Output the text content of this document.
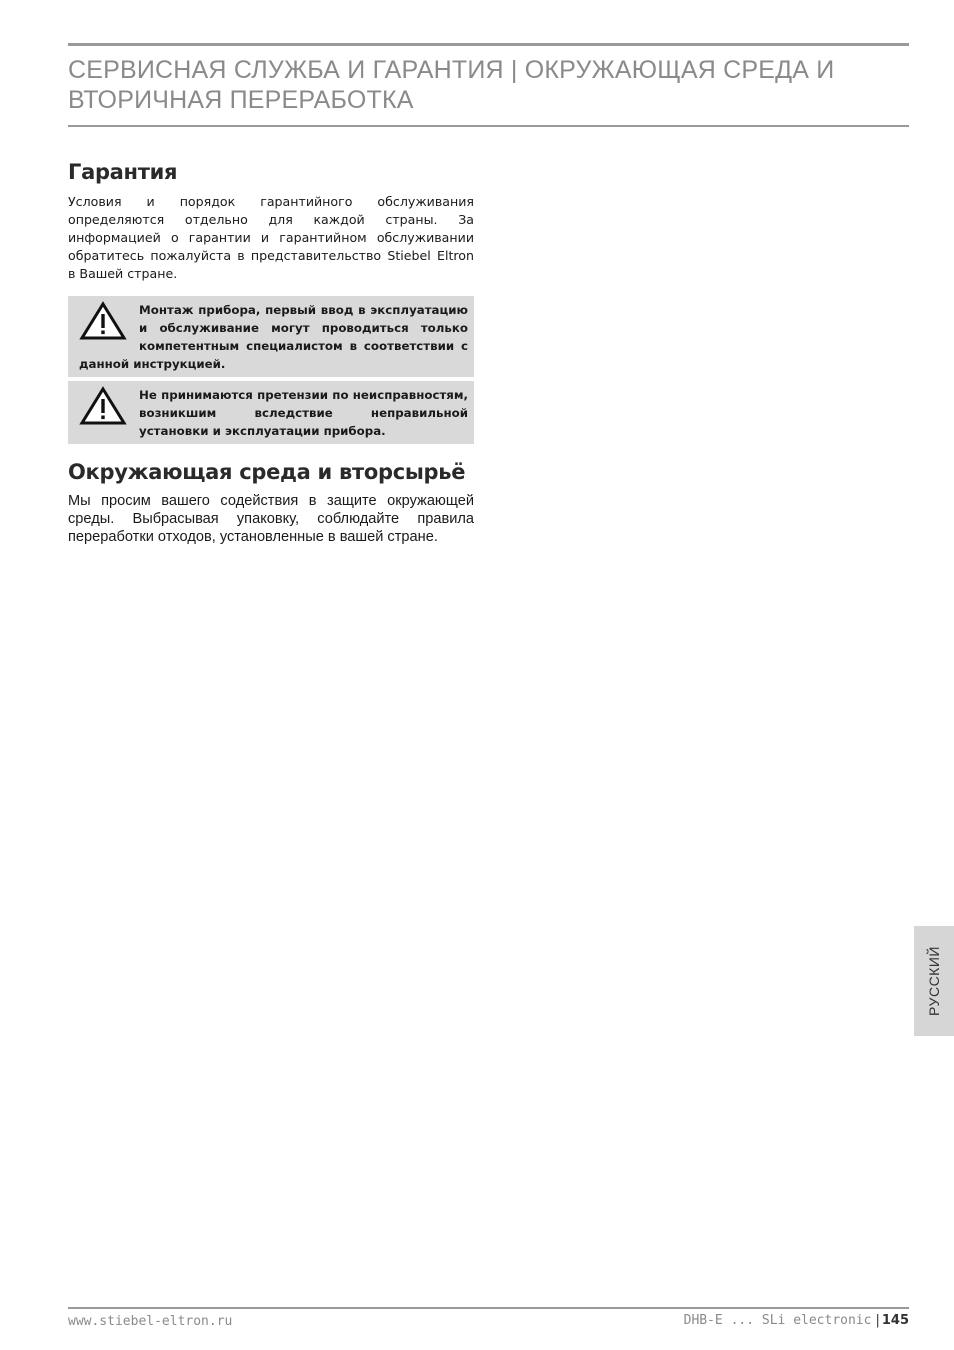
СЕРВИСНАЯ СЛУЖБА И ГАРАНТИЯ | ОКРУЖАЮЩАЯ СРЕДА И ВТОРИЧНАЯ ПЕРЕРАБОТКА
Гарантия

Условия и порядок гарантийного обслуживания определяются отдельно для каждой страны. За информацией о гарантии и гарантийном обслуживании обратитесь пожалуйста в представительство Stiebel Eltron в Вашей стране.

Монтаж прибора, первый ввод в эксплуатацию и обслуживание могут проводиться только компетентным специалистом в соответствии с данной инструкцией.

Не принимаются претензии по неисправностям, возникшим вследствие неправильной установки и эксплуатации прибора.

Окружающая среда и вторсырьё

Мы просим вашего содействия в защите окружающей среды. Выбрасывая упаковку, соблюдайте правила переработки отходов, установленные в вашей стране.

РУССКИЙ
www.stiebel-eltron.ru	DHB-E ... SLi electronic | 145
